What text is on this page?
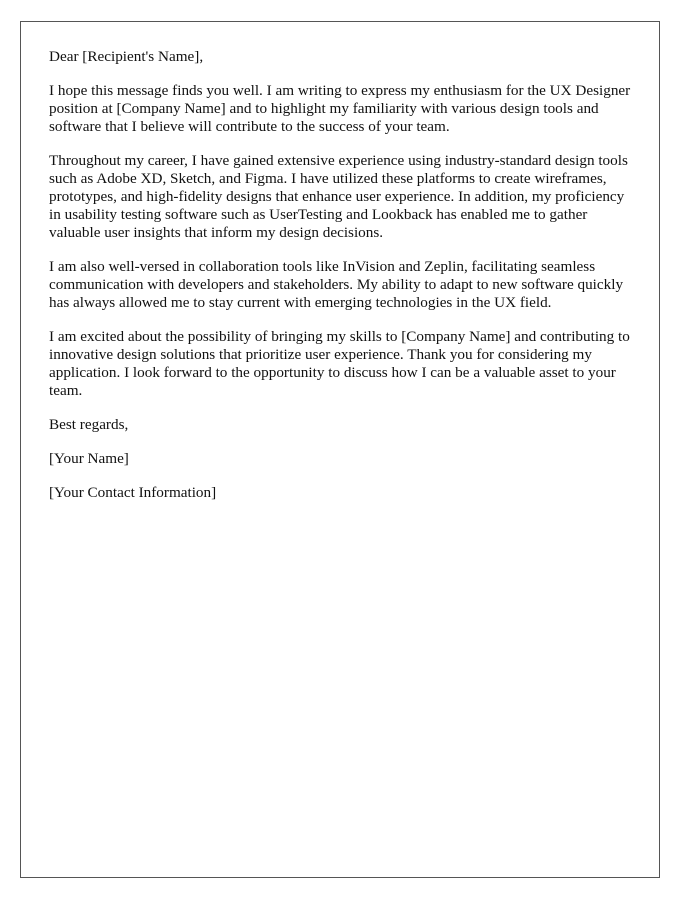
Dear [Recipient's Name],

I hope this message finds you well. I am writing to express my enthusiasm for the UX Designer position at [Company Name] and to highlight my familiarity with various design tools and software that I believe will contribute to the success of your team.

Throughout my career, I have gained extensive experience using industry-standard design tools such as Adobe XD, Sketch, and Figma. I have utilized these platforms to create wireframes, prototypes, and high-fidelity designs that enhance user experience. In addition, my proficiency in usability testing software such as UserTesting and Lookback has enabled me to gather valuable user insights that inform my design decisions.

I am also well-versed in collaboration tools like InVision and Zeplin, facilitating seamless communication with developers and stakeholders. My ability to adapt to new software quickly has always allowed me to stay current with emerging technologies in the UX field.

I am excited about the possibility of bringing my skills to [Company Name] and contributing to innovative design solutions that prioritize user experience. Thank you for considering my application. I look forward to the opportunity to discuss how I can be a valuable asset to your team.

Best regards,

[Your Name]

[Your Contact Information]
